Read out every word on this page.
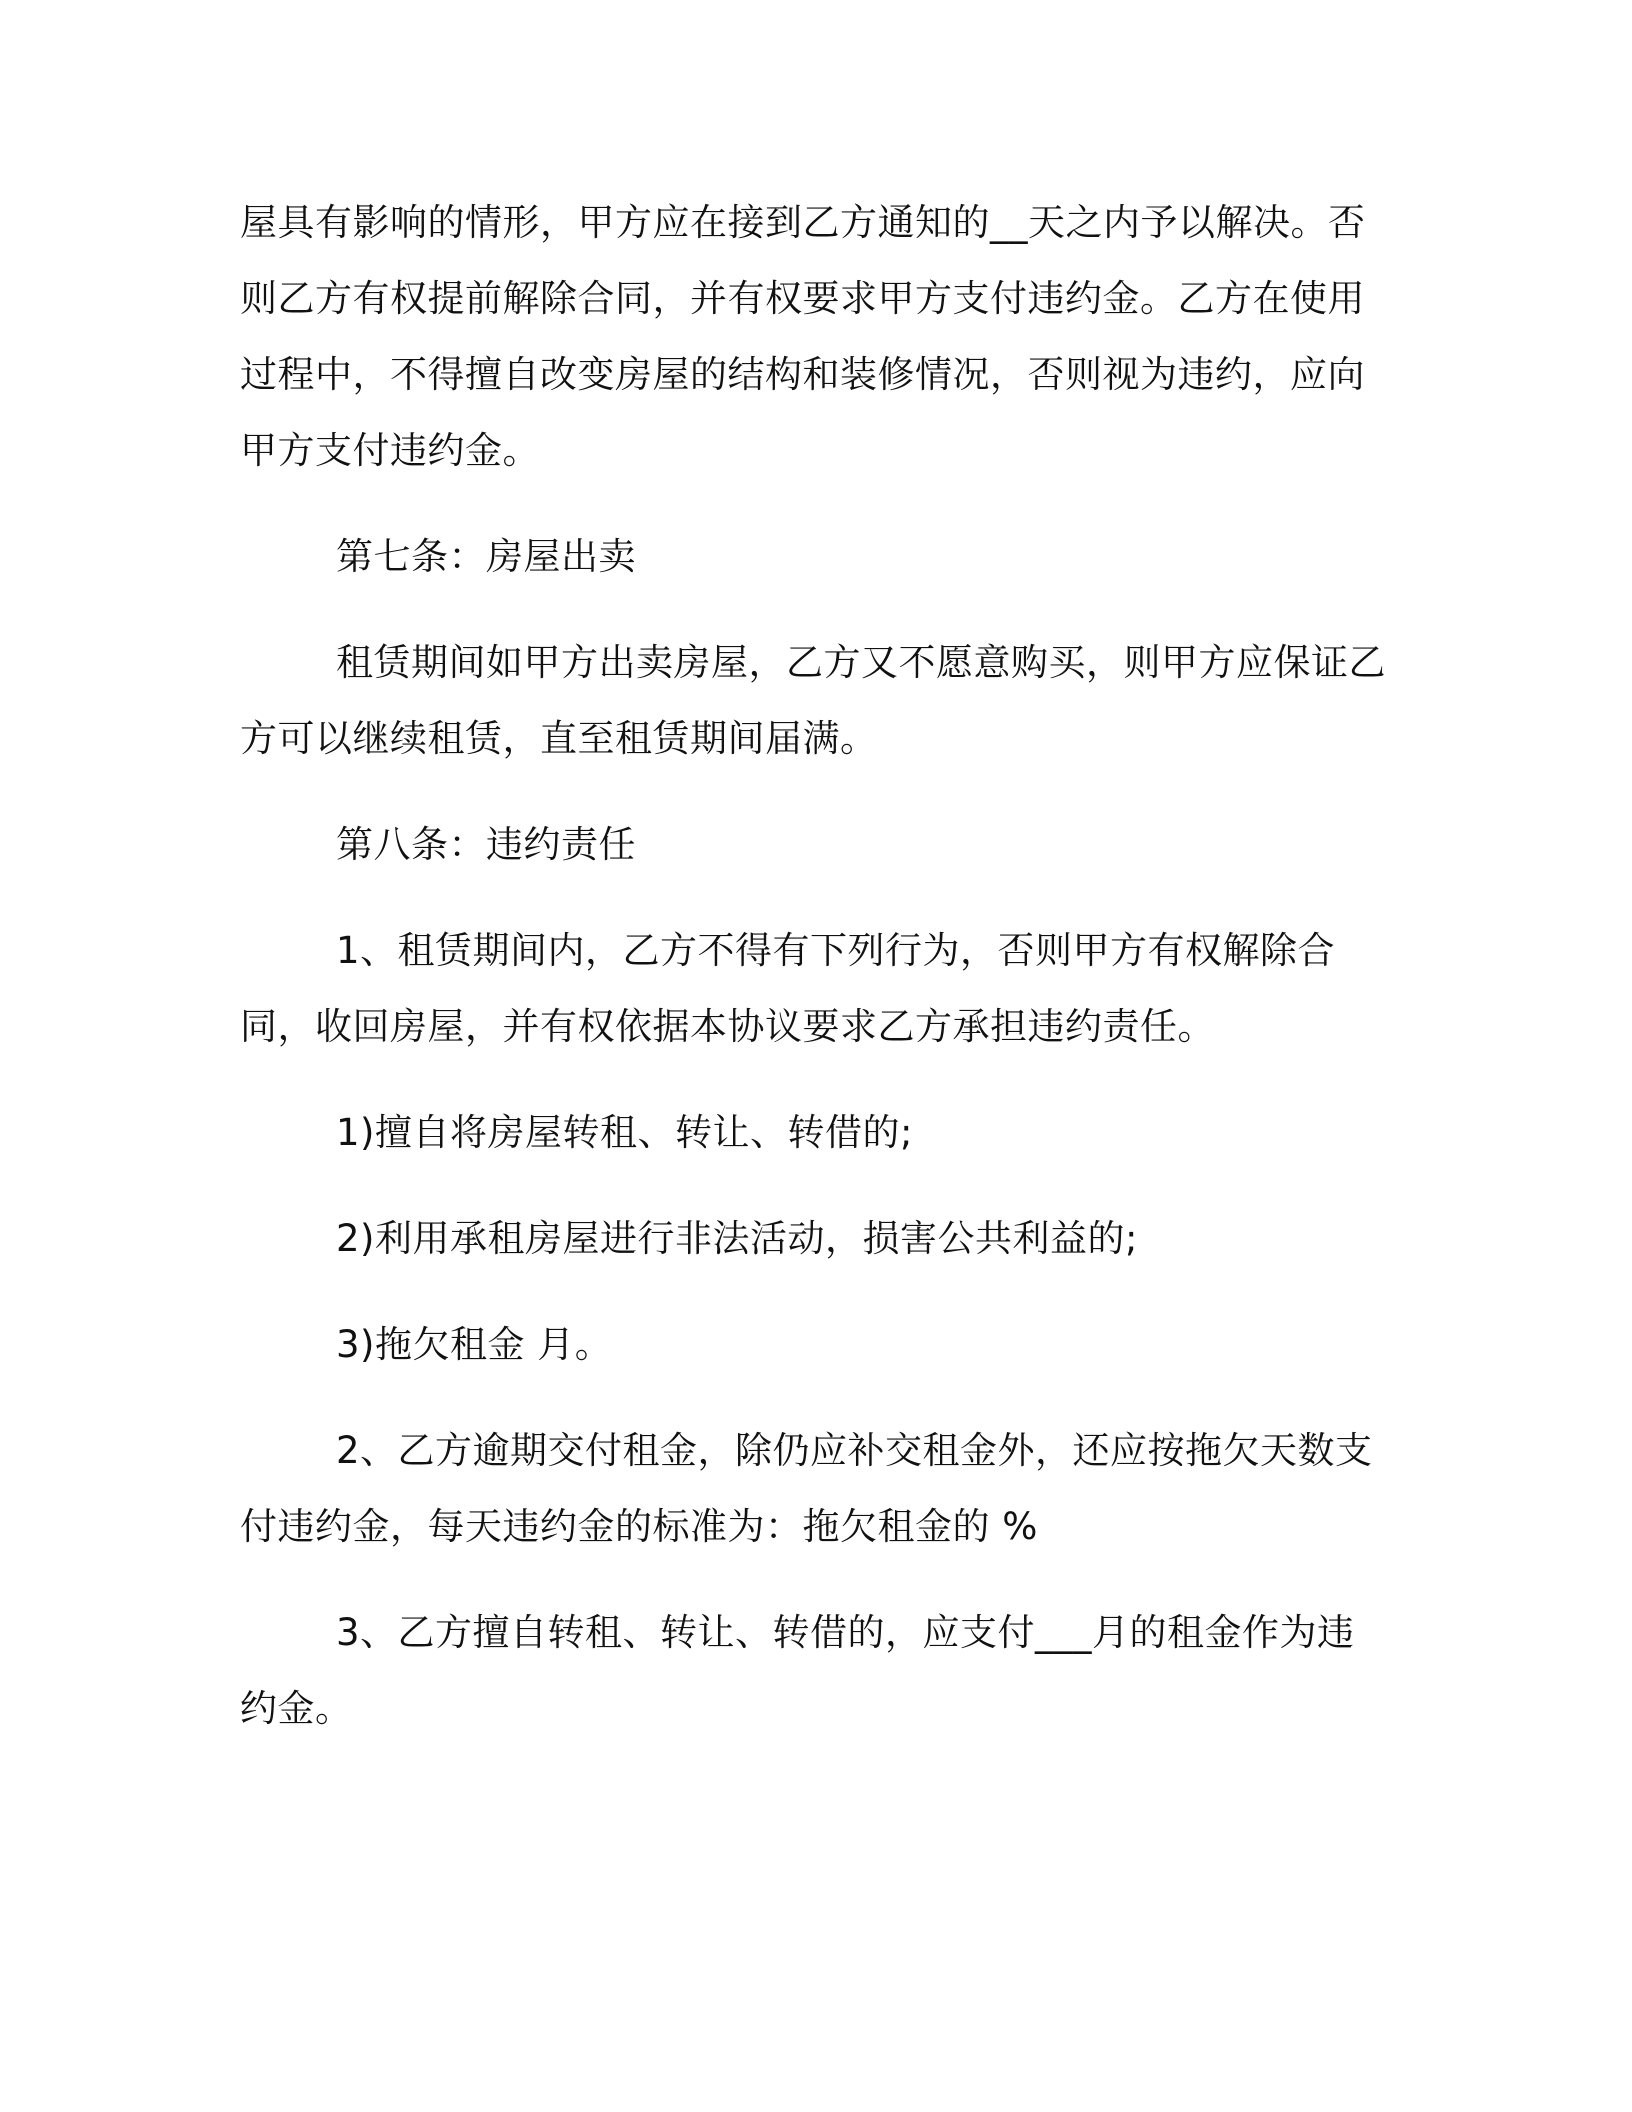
屋具有影响的情形，甲方应在接到乙方通知的__天之内予以解决。否则乙方有权提前解除合同，并有权要求甲方支付违约金。乙方在使用过程中，不得擅自改变房屋的结构和装修情况，否则视为违约，应向甲方支付违约金。

第七条：房屋出卖

租赁期间如甲方出卖房屋，乙方又不愿意购买，则甲方应保证乙方可以继续租赁，直至租赁期间届满。

第八条：违约责任

1、租赁期间内，乙方不得有下列行为，否则甲方有权解除合同，收回房屋，并有权依据本协议要求乙方承担违约责任。

1)擅自将房屋转租、转让、转借的;

2)利用承租房屋进行非法活动，损害公共利益的;

3)拖欠租金 月。

2、乙方逾期交付租金，除仍应补交租金外，还应按拖欠天数支付违约金，每天违约金的标准为：拖欠租金的 %

3、乙方擅自转租、转让、转借的，应支付___月的租金作为违约金。
